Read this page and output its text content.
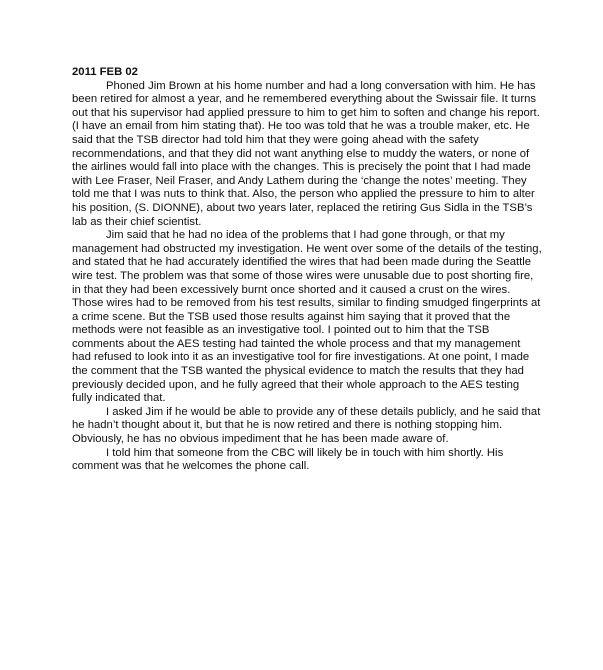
2011 FEB 02

Phoned Jim Brown at his home number and had a long conversation with him. He has been retired for almost a year, and he remembered everything about the Swissair file. It turns out that his supervisor had applied pressure to him to get him to soften and change his report. (I have an email from him stating that). He too was told that he was a trouble maker, etc. He said that the TSB director had told him that they were going ahead with the safety recommendations, and that they did not want anything else to muddy the waters, or none of the airlines would fall into place with the changes. This is precisely the point that I had made with Lee Fraser, Neil Fraser, and Andy Lathem during the ‘change the notes’ meeting. They told me that I was nuts to think that. Also, the person who applied the pressure to him to alter his position, (S. DIONNE), about two years later, replaced the retiring Gus Sidla in the TSB’s lab as their chief scientist.

Jim said that he had no idea of the problems that I had gone through, or that my management had obstructed my investigation. He went over some of the details of the testing, and stated that he had accurately identified the wires that had been made during the Seattle wire test. The problem was that some of those wires were unusable due to post shorting fire, in that they had been excessively burnt once shorted and it caused a crust on the wires. Those wires had to be removed from his test results, similar to finding smudged fingerprints at a crime scene. But the TSB used those results against him saying that it proved that the methods were not feasible as an investigative tool. I pointed out to him that the TSB comments about the AES testing had tainted the whole process and that my management had refused to look into it as an investigative tool for fire investigations. At one point, I made the comment that the TSB wanted the physical evidence to match the results that they had previously decided upon, and he fully agreed that their whole approach to the AES testing fully indicated that.

I asked Jim if he would be able to provide any of these details publicly, and he said that he hadn’t thought about it, but that he is now retired and there is nothing stopping him. Obviously, he has no obvious impediment that he has been made aware of.

I told him that someone from the CBC will likely be in touch with him shortly. His comment was that he welcomes the phone call.
